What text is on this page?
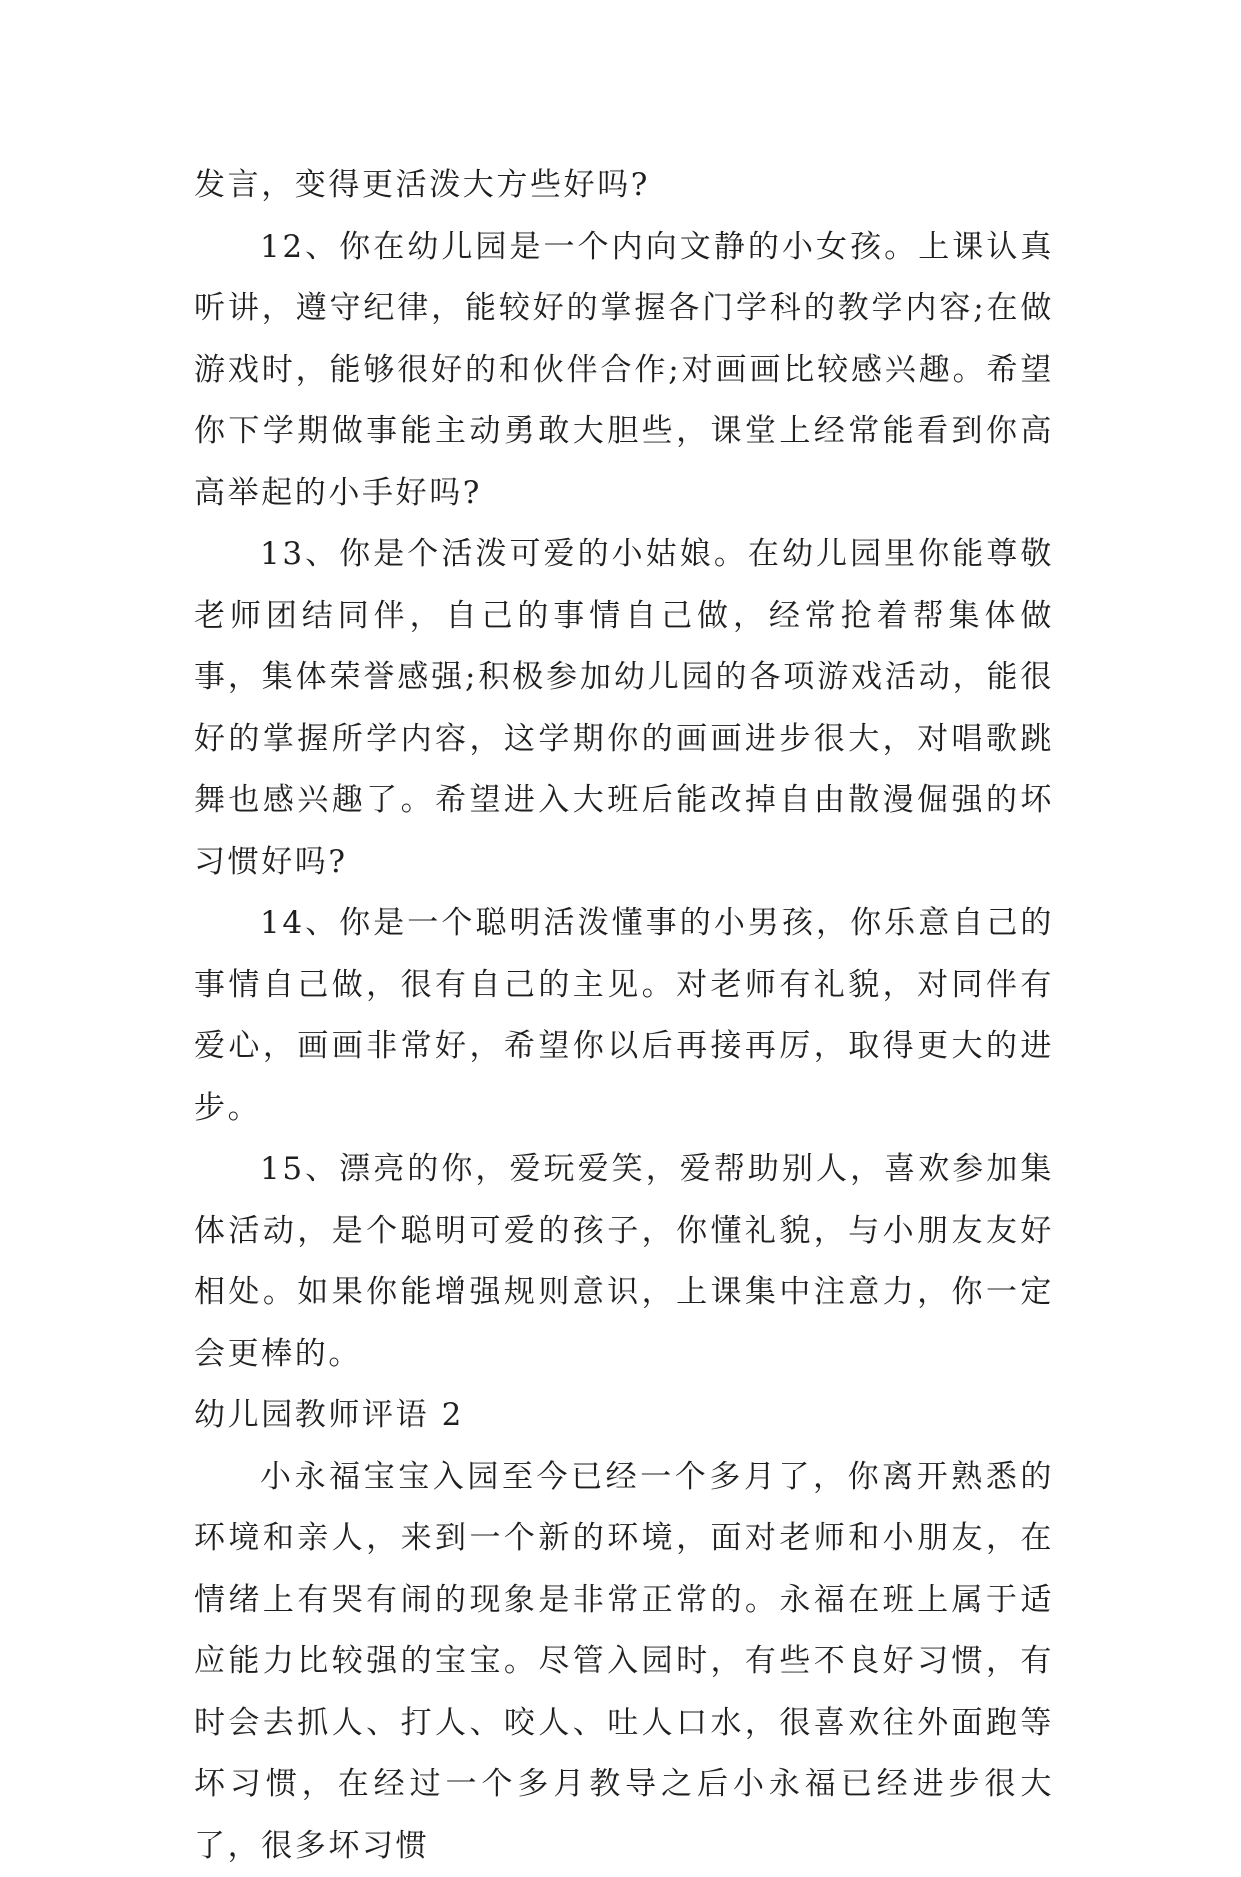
发言，变得更活泼大方些好吗?

12、你在幼儿园是一个内向文静的小女孩。上课认真听讲，遵守纪律，能较好的掌握各门学科的教学内容;在做游戏时，能够很好的和伙伴合作;对画画比较感兴趣。希望你下学期做事能主动勇敢大胆些，课堂上经常能看到你高高举起的小手好吗?

13、你是个活泼可爱的小姑娘。在幼儿园里你能尊敬老师团结同伴，自己的事情自己做，经常抢着帮集体做事，集体荣誉感强;积极参加幼儿园的各项游戏活动，能很好的掌握所学内容，这学期你的画画进步很大，对唱歌跳舞也感兴趣了。希望进入大班后能改掉自由散漫倔强的坏习惯好吗?

14、你是一个聪明活泼懂事的小男孩，你乐意自己的事情自己做，很有自己的主见。对老师有礼貌，对同伴有爱心，画画非常好，希望你以后再接再厉，取得更大的进步。

15、漂亮的你，爱玩爱笑，爱帮助别人，喜欢参加集体活动，是个聪明可爱的孩子，你懂礼貌，与小朋友友好相处。如果你能增强规则意识，上课集中注意力，你一定会更棒的。

幼儿园教师评语 2

小永福宝宝入园至今已经一个多月了，你离开熟悉的环境和亲人，来到一个新的环境，面对老师和小朋友，在情绪上有哭有闹的现象是非常正常的。永福在班上属于适应能力比较强的宝宝。尽管入园时，有些不良好习惯，有时会去抓人、打人、咬人、吐人口水，很喜欢往外面跑等坏习惯，在经过一个多月教导之后小永福已经进步很大了，很多坏习惯
